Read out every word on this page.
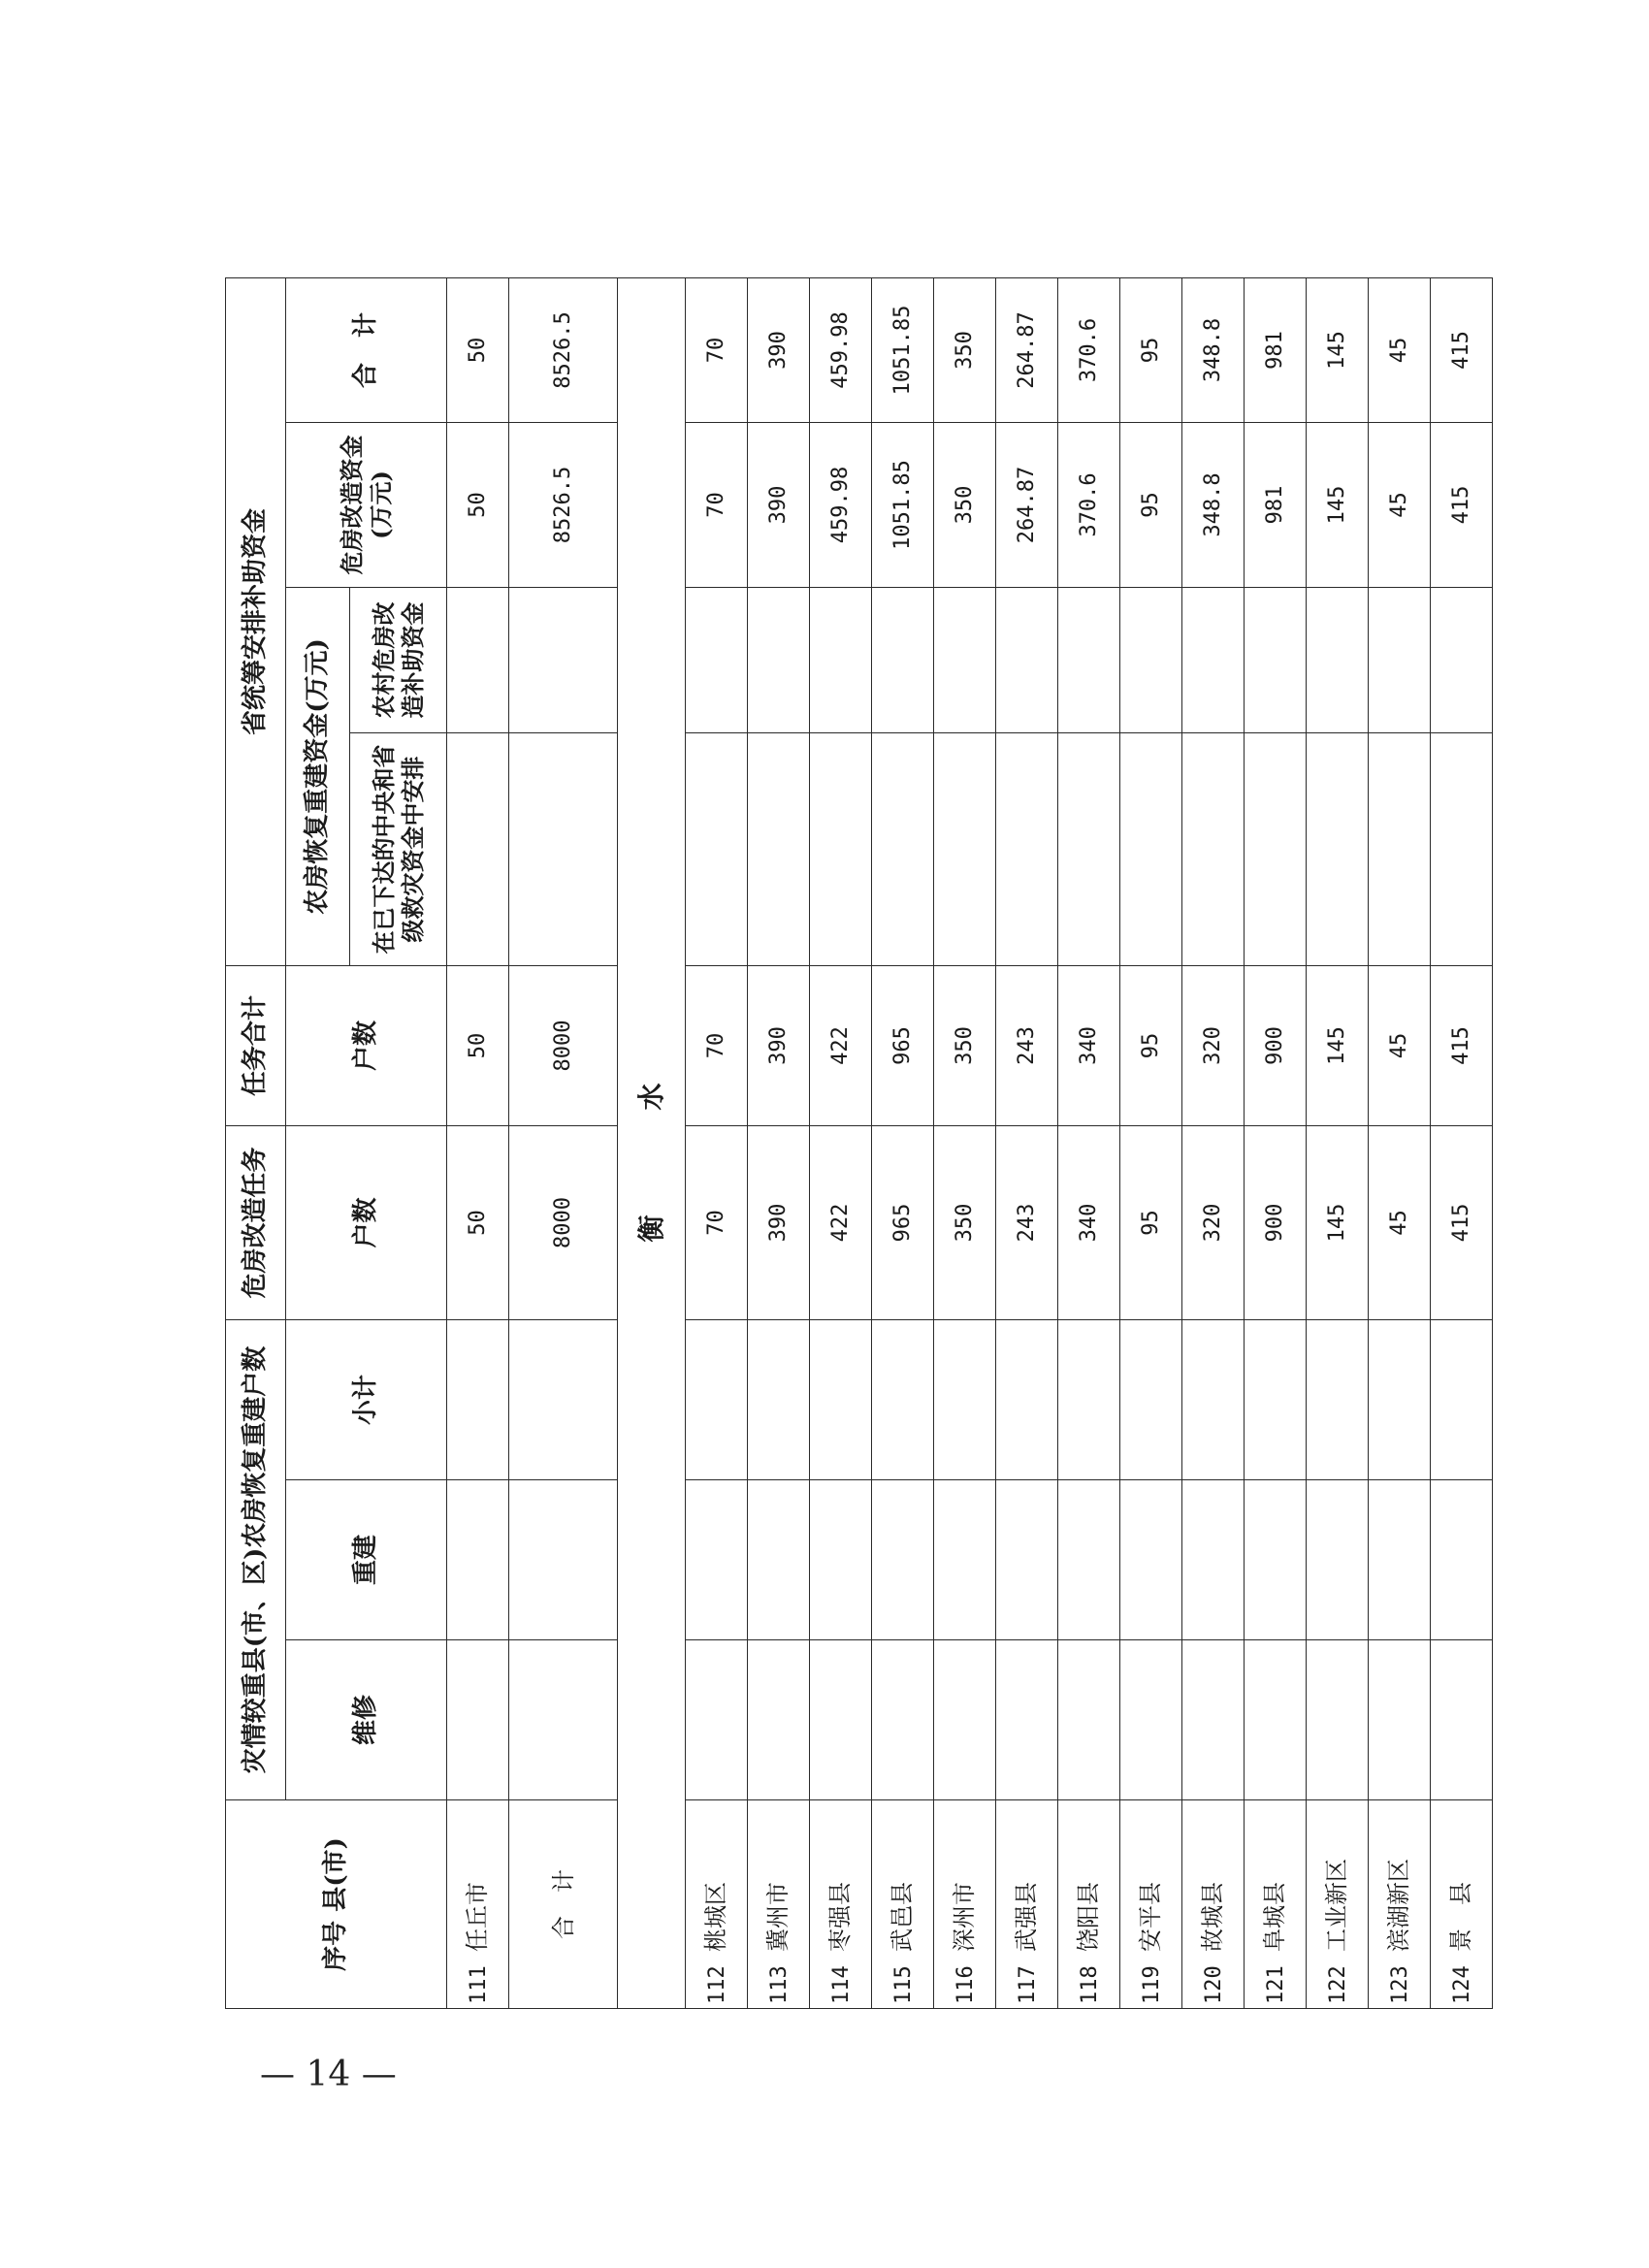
序号 县(市)	灾情较重县(市、区)农房恢复重建户数			危房改造任务	任务合计	省统筹安排补助资金			
	维修	重建	小计	户数	户数	农房恢复重建资金(万元)		危房改造资金(万元)	合　计
						在已下达的中央和省级救灾资金中安排	农村危房改造补助资金		
111任丘市				50	50			50	50
合　计				8000	8000			8526.5	8526.5
衡　水									
112桃城区				70	70			70	70
113冀州市				390	390			390	390
114枣强县				422	422			459.98	459.98
115武邑县				965	965			1051.85	1051.85
116深州市				350	350			350	350
117武强县				243	243			264.87	264.87
118饶阳县				340	340			370.6	370.6
119安平县				95	95			95	95
120故城县				320	320			348.8	348.8
121阜城县				900	900			981	981
122工业新区				145	145			145	145
123滨湖新区				45	45			45	45
124景　县				415	415			415	415
— 14 —
